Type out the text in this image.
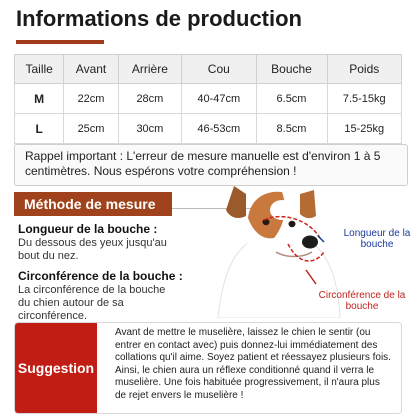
Informations de production
Taille	Avant	Arrière	Cou	Bouche	Poids
M	22cm	28cm	40-47cm	6.5cm	7.5-15kg
L	25cm	30cm	46-53cm	8.5cm	15-25kg
Rappel important : L'erreur de mesure manuelle est d'environ 1 à 5 centimètres. Nous espérons votre compréhension !
Méthode de mesure
Longueur de la bouche :
Du dessous des yeux jusqu'au bout du nez.
Circonférence de la bouche :
La circonférence de la bouche du chien autour de sa circonférence.
Longueur de la bouche
Circonférence de la bouche
Suggestion
Avant de mettre le muselière, laissez le chien le sentir (ou entrer en contact avec) puis donnez-lui immédiatement des collations qu'il aime. Soyez patient et réessayez plusieurs fois. Ainsi, le chien aura un réflexe conditionné quand il verra le muselière. Une fois habituée progressivement, il n'aura plus de rejet envers le muselière !
